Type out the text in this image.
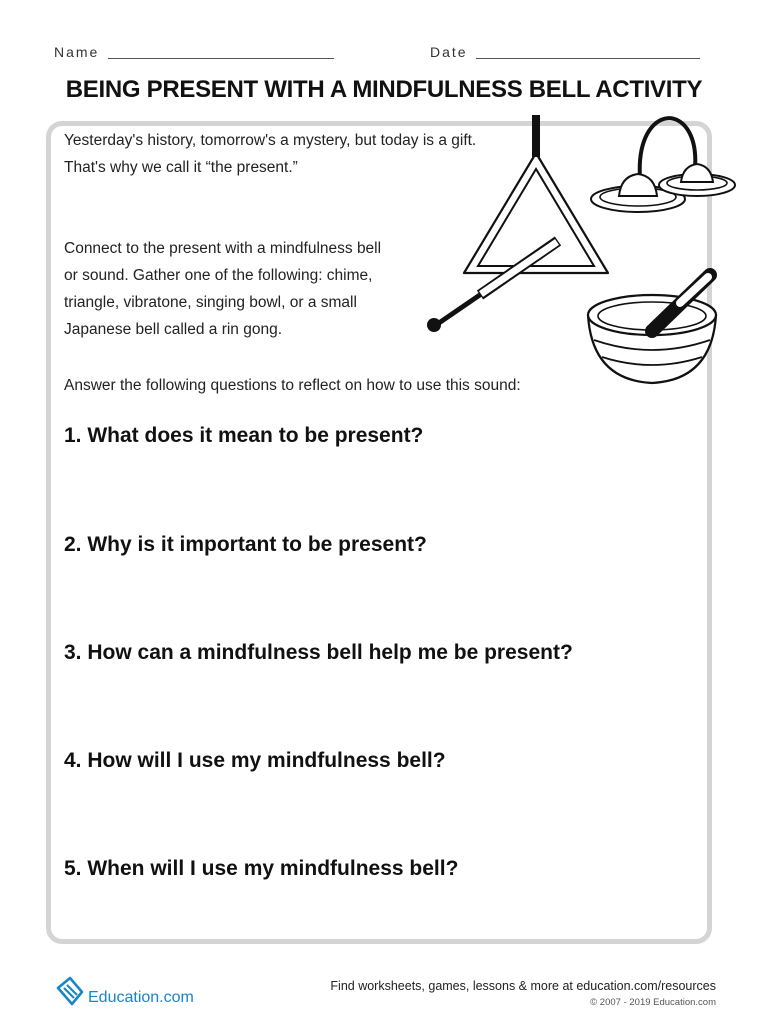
Name	Date
BEING PRESENT WITH A MINDFULNESS BELL ACTIVITY
Yesterday's history, tomorrow's a mystery, but today is a gift.
That's why we call it “the present.”
Connect to the present with a mindfulness bell
or sound. Gather one of the following: chime,
triangle, vibratone, singing bowl, or a small
Japanese bell called a rin gong.
Answer the following questions to reflect on how to use this sound:
1. What does it mean to be present?
2. Why is it important to be present?
3. How can a mindfulness bell help me be present?
4. How will I use my mindfulness bell?
5. When will I use my mindfulness bell?
Education.com
Find worksheets, games, lessons & more at education.com/resources
© 2007 - 2019 Education.com
